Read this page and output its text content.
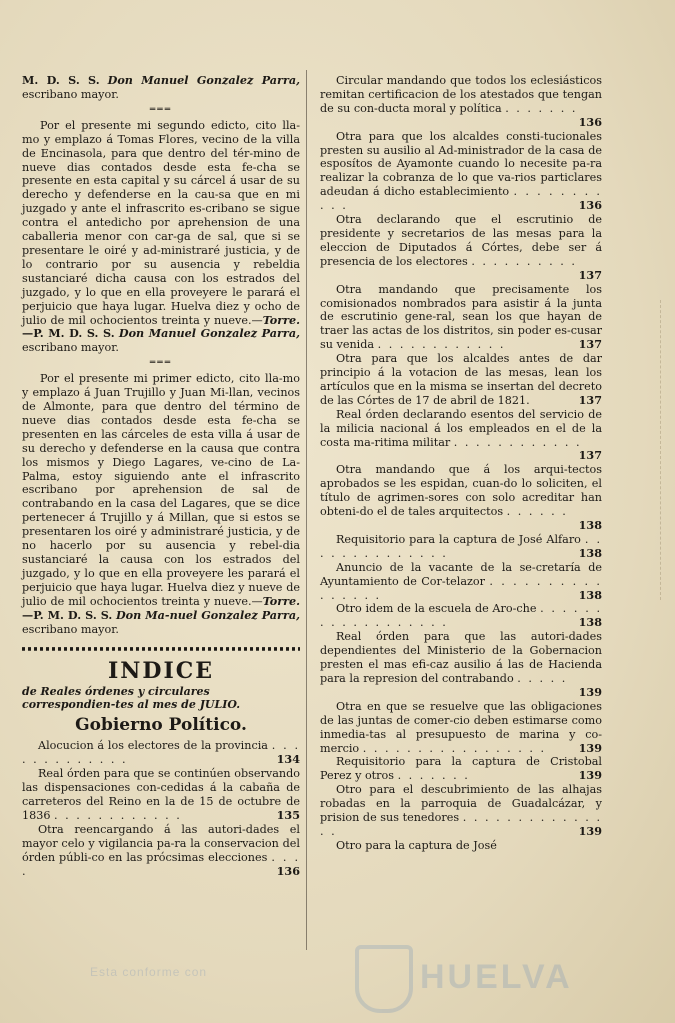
M. D. S. S. Don Manuel Gonzalez Parra, escribano mayor.

═══

Por el presente mi segundo edicto, cito lla-mo y emplazo á Tomas Flores, vecino de la villa de Encinasola, para que dentro del tér-mino de nueve dias contados desde esta fe-cha se presente en esta capital y su cárcel á usar de su derecho y defenderse en la cau-sa que en mi juzgado y ante el infrascrito es-cribano se sigue contra el antedicho por aprehension de una caballeria menor con car-ga de sal, que si se presentare le oiré y ad-ministraré justicia, y de lo contrario por su ausencia y rebeldia sustanciaré dicha causa con los estrados del juzgado, y lo que en ella proveyere le parará el perjuicio que haya lugar. Huelva diez y ocho de julio de mil ochocientos treinta y nueve.—Torre.—P. M. D. S. S. Don Manuel Gonzalez Parra, escribano mayor.

═══

Por el presente mi primer edicto, cito lla-mo y emplazo á Juan Trujillo y Juan Mi-llan, vecinos de Almonte, para que dentro del término de nueve dias contados desde esta fe-cha se presenten en las cárceles de esta villa á usar de su derecho y defenderse en la causa que contra los mismos y Diego Lagares, ve-cino de La-Palma, estoy siguiendo ante el infrascrito escribano por aprehension de sal de contrabando en la casa del Lagares, que se dice pertenecer á Trujillo y á Millan, que si estos se presentaren los oiré y administraré justicia, y de no hacerlo por su ausencia y rebel-dia sustanciaré la causa con los estrados del juzgado, y lo que en ella proveyere les parará el perjuicio que haya lugar. Huelva diez y nueve de julio de mil ochocientos treinta y nueve.—Torre.—P. M. D. S. S. Don Ma-nuel Gonzalez Parra, escribano mayor.

INDICE
de Reales órdenes y circulares correspondien-tes al mes de JULIO.
Gobierno Político.

Alocucion á los electores de la provincia . . . . . . . . . . . . .	134

Real órden para que se continúen observando las dispensaciones con-cedidas á la cabaña de carreteros del Reino en la de 15 de octubre de 1836 . . . . . . . . . . . .	135

Otra reencargando á las autori-dades el mayor celo y vigilancia pa-ra la conservacion del órden públi-co en las prócsimas elecciones . . . .	136

Circular mandando que todos los eclesiásticos remitan certificacion de los atestados que tengan de su con-ducta moral y política . . . . . . .
136

Otra para que los alcaldes consti-tucionales presten su ausilio al Ad-ministrador de la casa de esposítos de Ayamonte cuando lo necesite pa-ra realizar la cobranza de lo que va-rios particlares adeudan á dicho establecimiento . . . . . . . . . . .	136

Otra declarando que el escrutinio de presidente y secretarios de las mesas para la eleccion de Diputados á Córtes, debe ser á presencia de los electores . . . . . . . . . .
137

Otra mandando que precisamente los comisionados nombrados para asistir á la junta de escrutinio gene-ral, sean los que hayan de traer las actas de los distritos, sin poder es-cusar su venida . . . . . . . . . . . .	137

Otra para que los alcaldes antes de dar principio á la votacion de las mesas, lean los artículos que en la misma se insertan del decreto de las Córtes de 17 de abril de 1821.	137

Real órden declarando esentos del servicio de la milicia nacional á los empleados en el de la costa ma-ritima militar . . . . . . . . . . . .
137

Otra mandando que á los arqui-tectos aprobados se les espidan, cuan-do lo soliciten, el título de agrimen-sores con solo acreditar han obteni-do el de tales arquitectos . . . . . .
138

Requisitorio para la captura de José Alfaro . . . . . . . . . . . . . .	138

Anuncio de la vacante de la se-cretaría de Ayuntamiento de Cor-telazor . . . . . . . . . . . . . . . .	138

Otro idem de la escuela de Aro-che . . . . . . . . . . . . . . . . . .	138

Real órden para que las autori-dades dependientes del Ministerio de la Gobernacion presten el mas efi-caz ausilio á las de Hacienda para la represion del contrabando . . . . .
139

Otra en que se resuelve que las obligaciones de las juntas de comer-cio deben estimarse como inmedia-tas al presupuesto de marina y co-mercio . . . . . . . . . . . . . . . . .	139

Requisitorio para la captura de Cristobal Perez y otros . . . . . . .	139

Otro para el descubrimiento de las alhajas robadas en la parroquia de Guadalcázar, y prision de sus tenedores . . . . . . . . . . . . . . .	139

Otro para la captura de José

HUELVA
Esta conforme con
